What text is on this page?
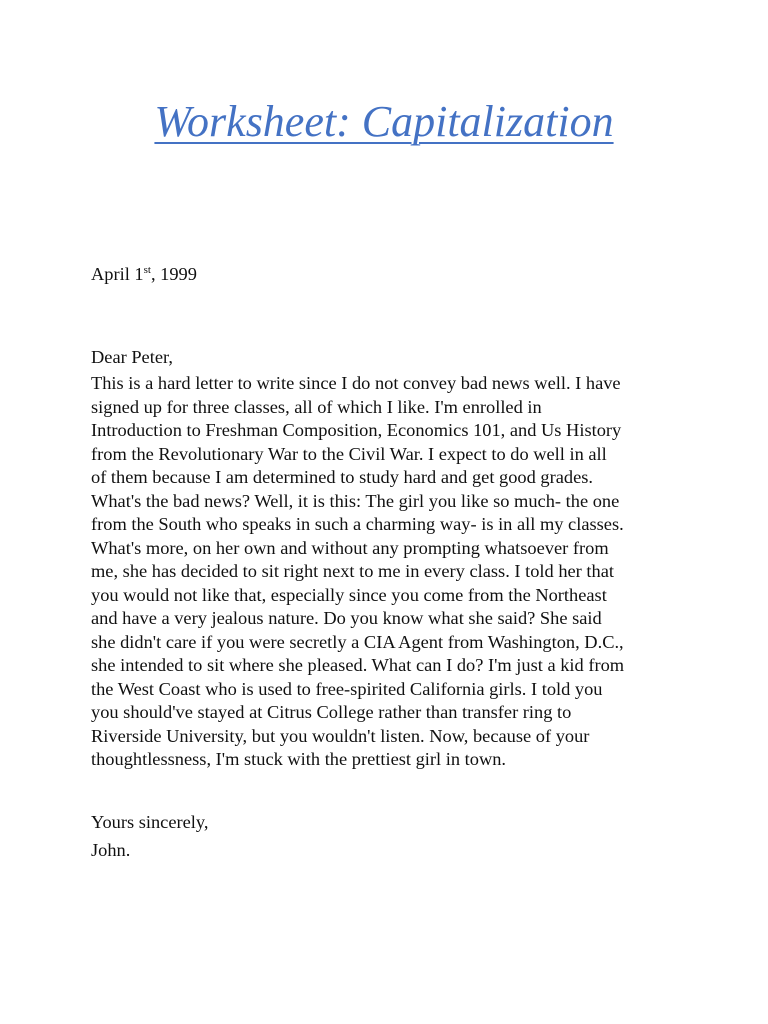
Worksheet: Capitalization
April 1st, 1999
Dear Peter,

This is a hard letter to write since I do not convey bad news well. I have

signed up for three classes, all of which I like. I'm enrolled in

Introduction to Freshman Composition, Economics 101, and Us History

from the Revolutionary War to the Civil War. I expect to do well in all

of them because I am determined to study hard and get good grades.

What's the bad news? Well, it is this: The girl you like so much- the one

from the South who speaks in such a charming way- is in all my classes.

What's more, on her own and without any prompting whatsoever from

me, she has decided to sit right next to me in every class. I told her that

you would not like that, especially since you come from the Northeast

and have a very jealous nature. Do you know what she said? She said

she didn't care if you were secretly a CIA Agent from Washington, D.C.,

she intended to sit where she pleased. What can I do? I'm just a kid from

the West Coast who is used to free-spirited California girls. I told you

you should've stayed at Citrus College rather than transfer ring to

Riverside University, but you wouldn't listen. Now, because of your

thoughtlessness, I'm stuck with the prettiest girl in town.

Yours sincerely,
John.
